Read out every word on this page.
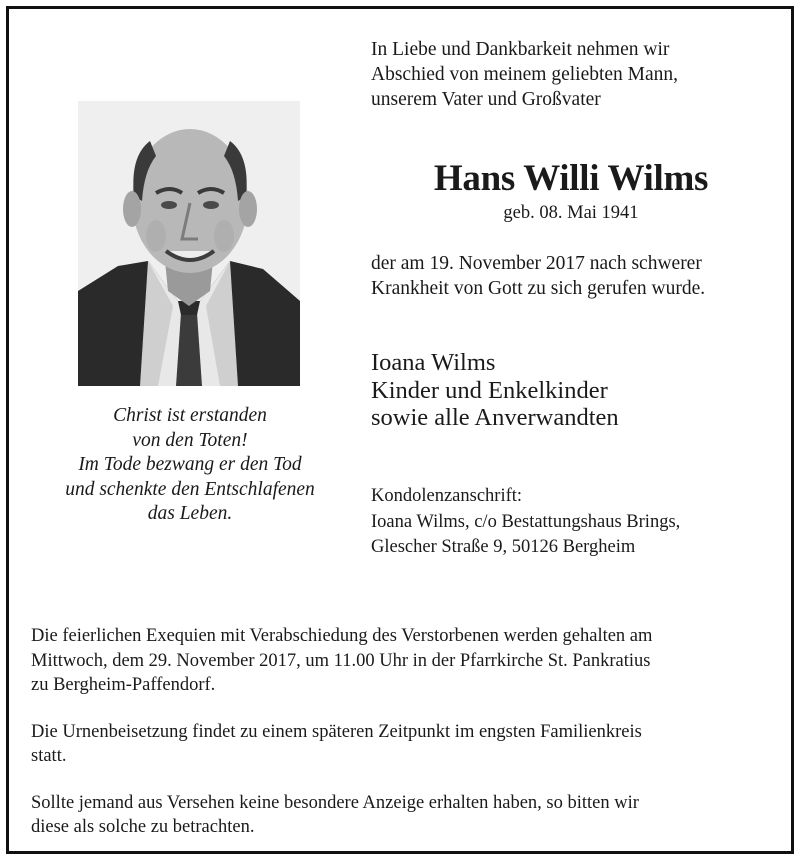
In Liebe und Dankbarkeit nehmen wir
Abschied von meinem geliebten Mann,
unserem Vater und Großvater
Christ ist erstanden
von den Toten!
Im Tode bezwang er den Tod
und schenkte den Entschlafenen
das Leben.
Hans Willi Wilms
geb. 08. Mai 1941
der am 19. November 2017 nach schwerer
Krankheit von Gott zu sich gerufen wurde.
Ioana Wilms
Kinder und Enkelkinder
sowie alle Anverwandten
Kondolenzanschrift:
Ioana Wilms, c/o Bestattungshaus Brings,
Glescher Straße 9, 50126 Bergheim

Die feierlichen Exequien mit Verabschiedung des Verstorbenen werden gehalten am
Mittwoch, dem 29. November 2017, um 11.00 Uhr in der Pfarrkirche St. Pankratius
zu Bergheim-Paffendorf.

Die Urnenbeisetzung findet zu einem späteren Zeitpunkt im engsten Familienkreis
statt.

Sollte jemand aus Versehen keine besondere Anzeige erhalten haben, so bitten wir
diese als solche zu betrachten.
